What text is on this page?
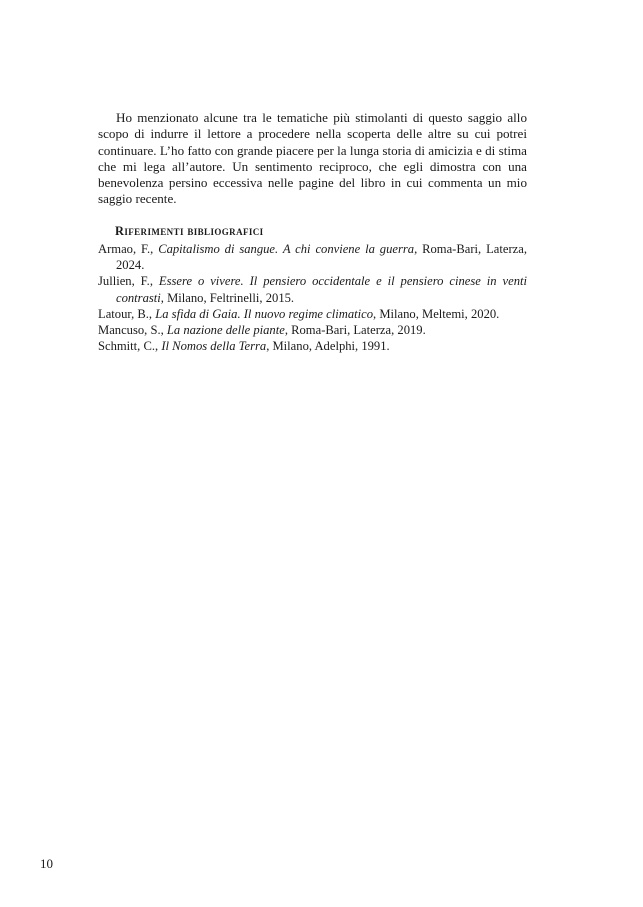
Ho menzionato alcune tra le tematiche più stimolanti di questo saggio allo scopo di indurre il lettore a procedere nella scoperta delle altre su cui potrei continuare. L’ho fatto con grande piacere per la lunga storia di amicizia e di stima che mi lega all’autore. Un sentimento reciproco, che egli dimostra con una benevolenza persino eccessiva nelle pagine del libro in cui commenta un mio saggio recente.

Riferimenti bibliografici
Armao, F., Capitalismo di sangue. A chi conviene la guerra, Roma-Bari, Laterza, 2024.
Jullien, F., Essere o vivere. Il pensiero occidentale e il pensiero cinese in venti contrasti, Milano, Feltrinelli, 2015.
Latour, B., La sfida di Gaia. Il nuovo regime climatico, Milano, Meltemi, 2020.
Mancuso, S., La nazione delle piante, Roma-Bari, Laterza, 2019.
Schmitt, C., Il Nomos della Terra, Milano, Adelphi, 1991.

10
